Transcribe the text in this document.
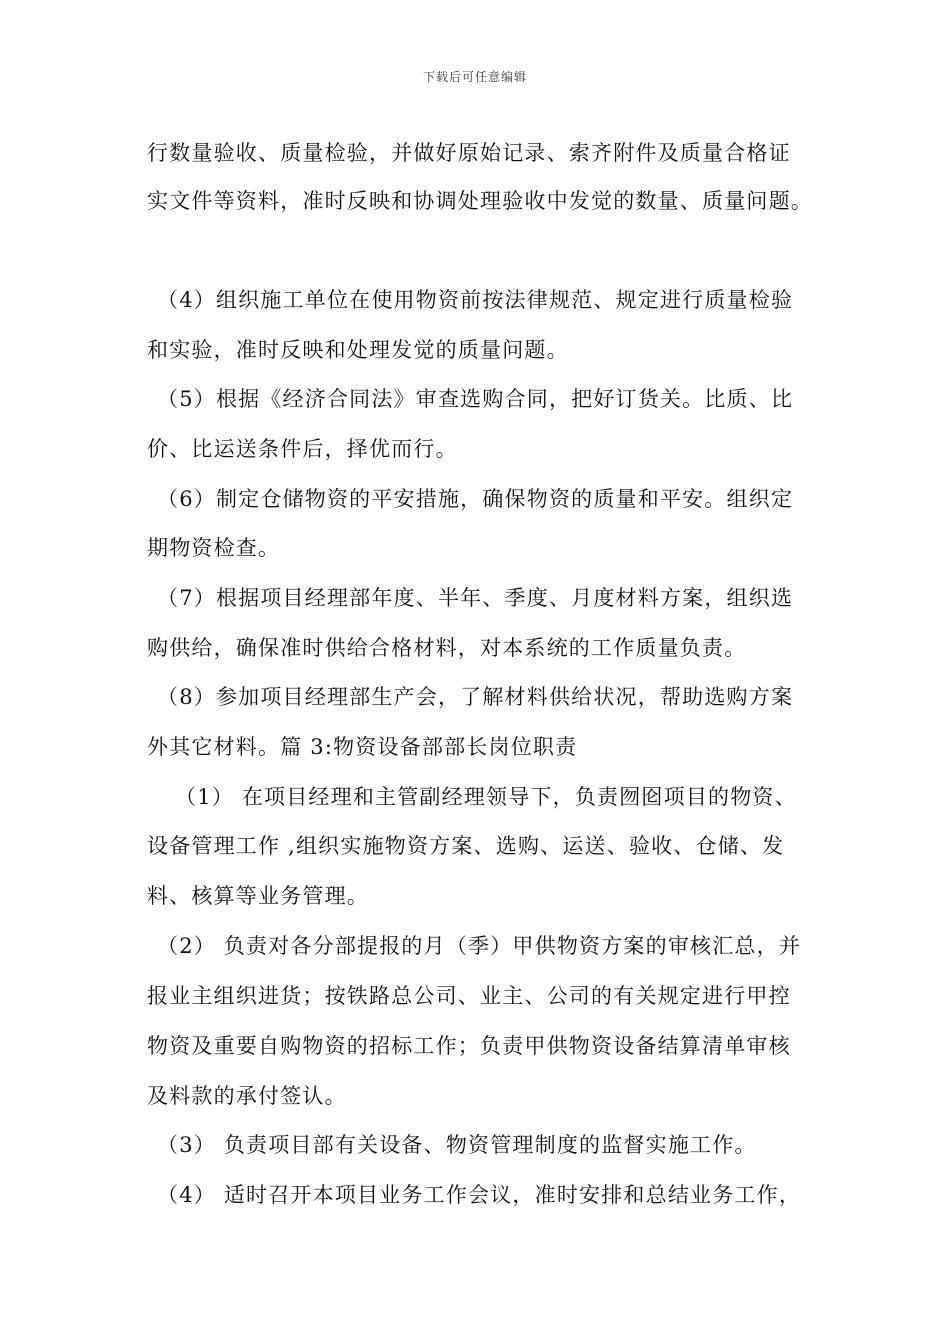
下载后可任意编辑
行数量验收、质量检验，并做好原始记录、索齐附件及质量合格证
实文件等资料，准时反映和协调处理验收中发觉的数量、质量问题。
（4）组织施工单位在使用物资前按法律规范、规定进行质量检验
和实验，准时反映和处理发觉的质量问题。
（5）根据《经济合同法》审查选购合同，把好订货关。比质、比
价、比运送条件后，择优而行。
（6）制定仓储物资的平安措施，确保物资的质量和平安。组织定
期物资检查。
（7）根据项目经理部年度、半年、季度、月度材料方案，组织选
购供给，确保准时供给合格材料，对本系统的工作质量负责。
（8）参加项目经理部生产会，了解材料供给状况，帮助选购方案
外其它材料。篇 3:物资设备部部长岗位职责
（1） 在项目经理和主管副经理领导下，负责囫囵项目的物资、
设备管理工作 ,组织实施物资方案、选购、运送、验收、仓储、发
料、核算等业务管理。
（2） 负责对各分部提报的月（季）甲供物资方案的审核汇总，并
报业主组织进货；按铁路总公司、业主、公司的有关规定进行甲控
物资及重要自购物资的招标工作；负责甲供物资设备结算清单审核
及料款的承付签认。
（3） 负责项目部有关设备、物资管理制度的监督实施工作。
（4） 适时召开本项目业务工作会议，准时安排和总结业务工作，
